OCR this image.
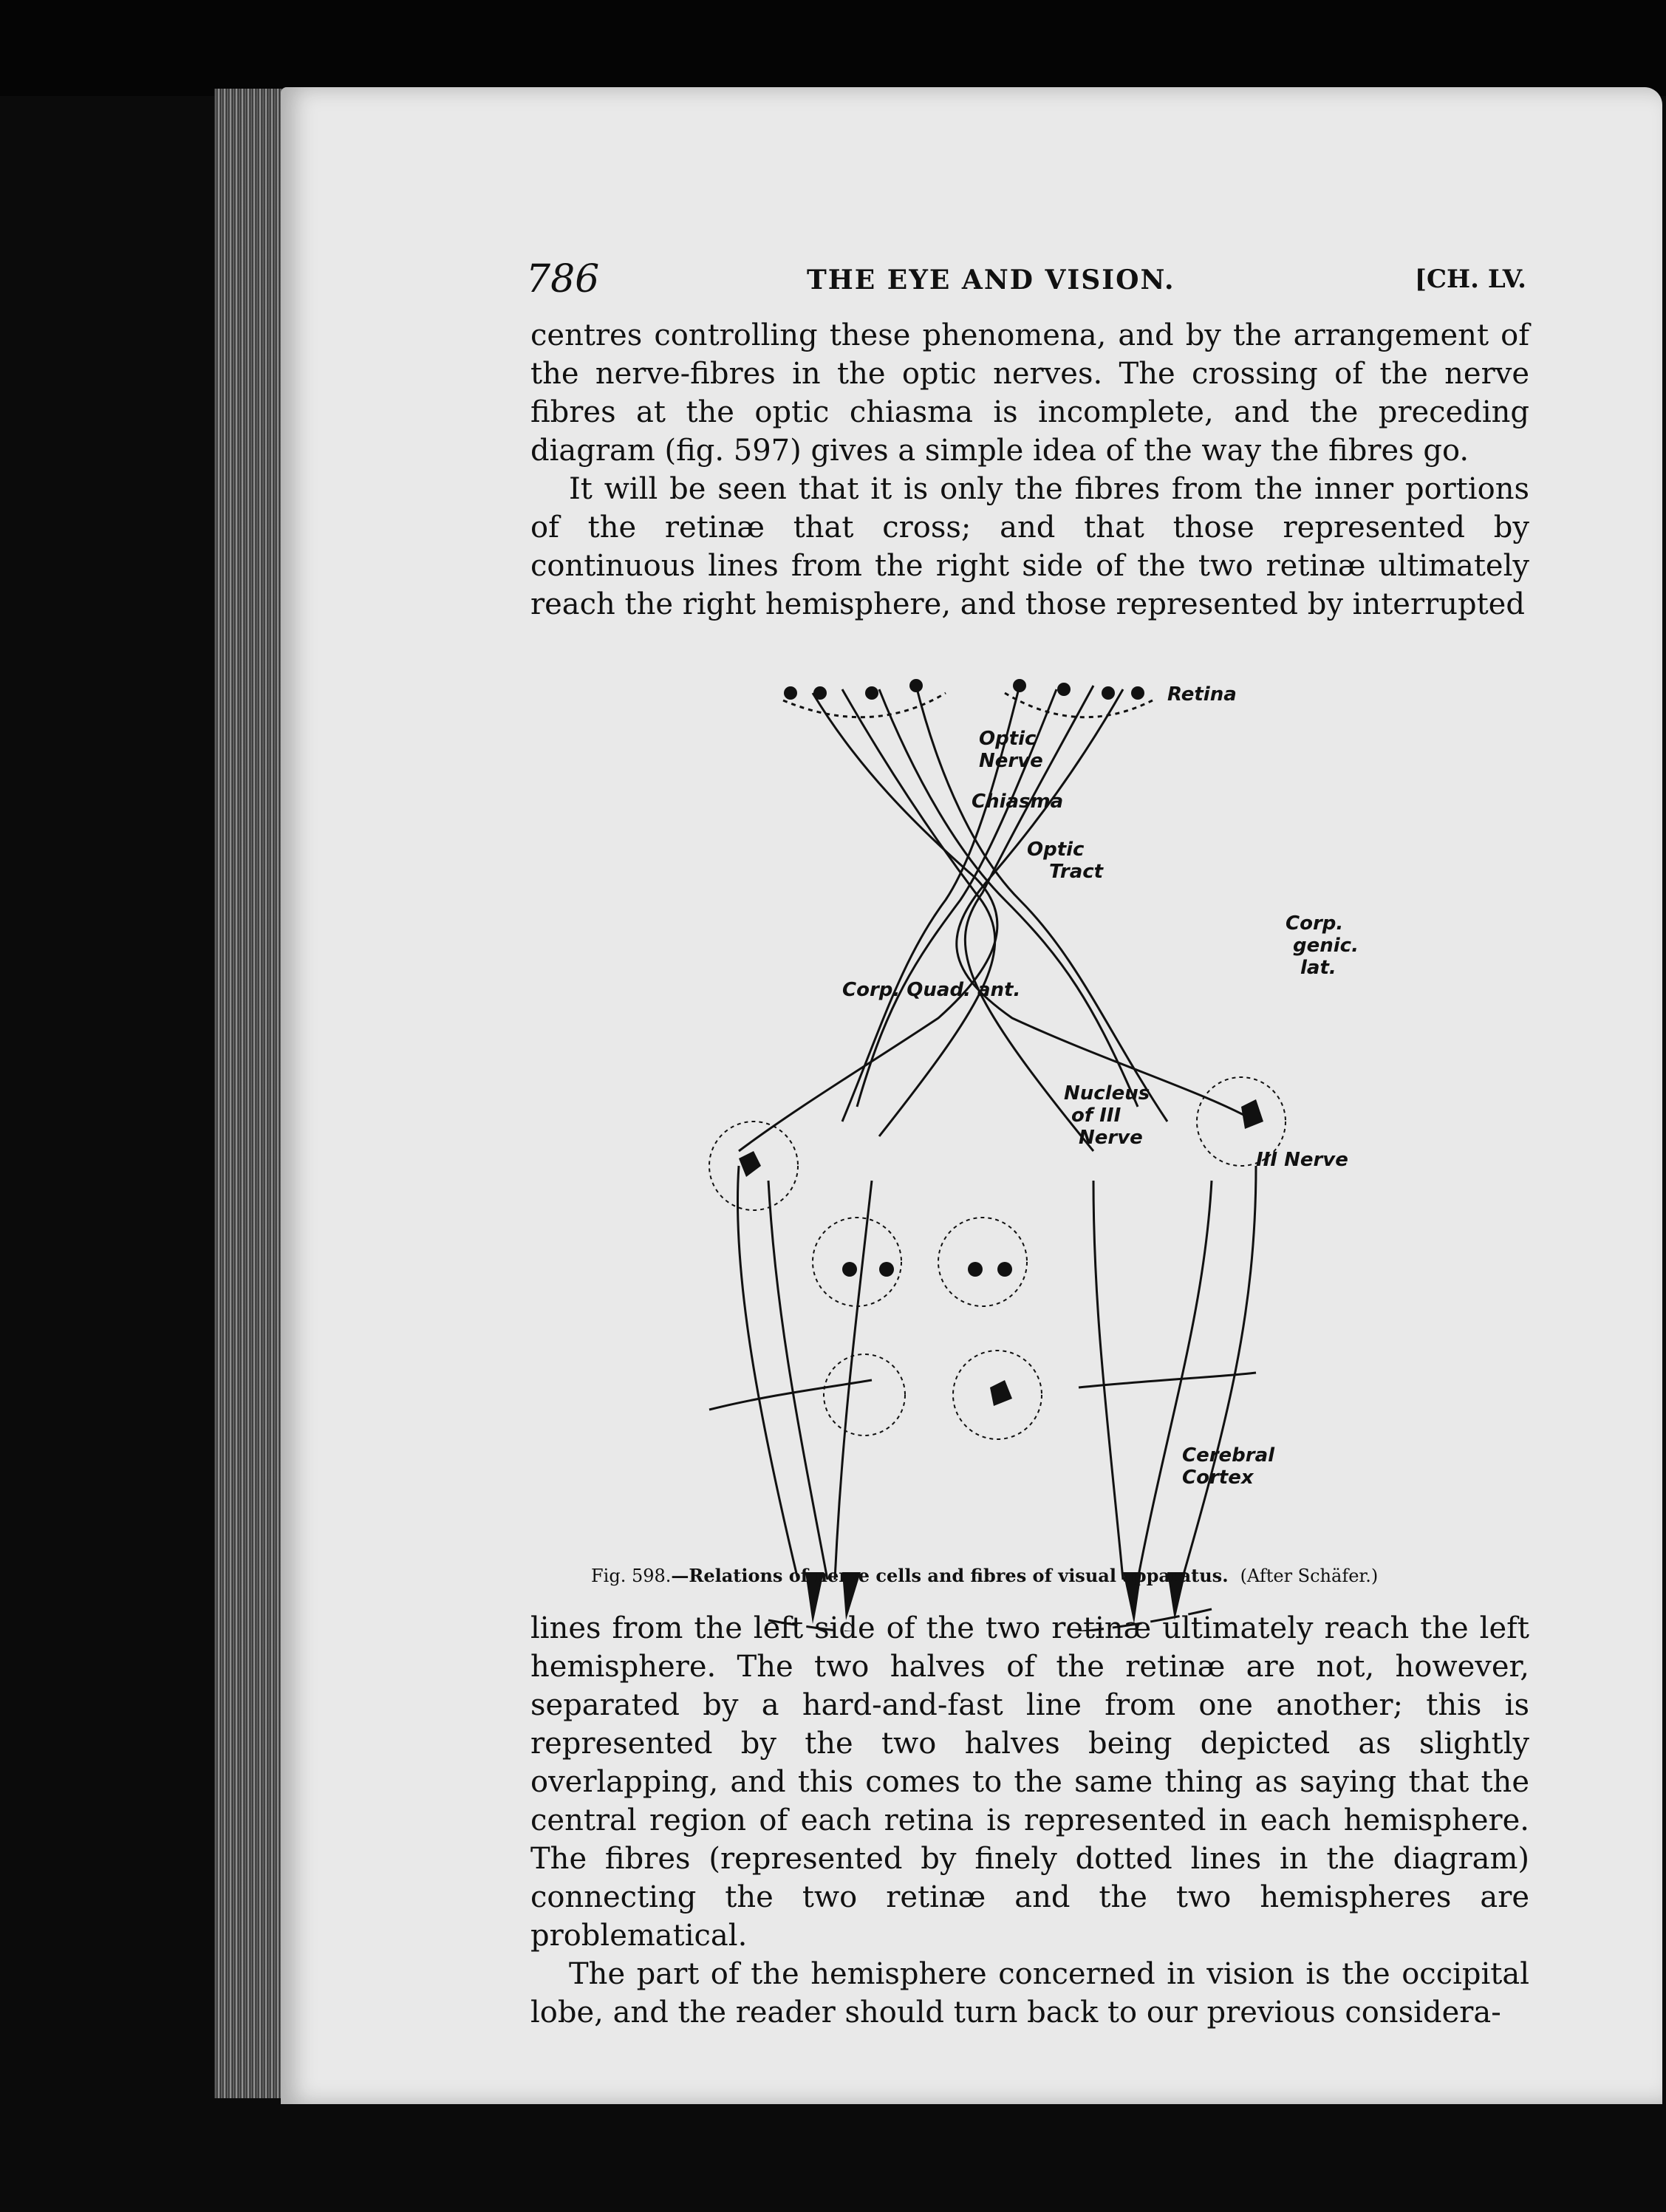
786	THE EYE AND VISION.	[CH. LV.

centres controlling these phenomena, and by the arrangement of the nerve-fibres in the optic nerves. The crossing of the nerve fibres at the optic chiasma is incomplete, and the preceding diagram (fig. 597) gives a simple idea of the way the fibres go.

It will be seen that it is only the fibres from the inner portions of the retinæ that cross; and that those represented by continuous lines from the right side of the two retinæ ultimately reach the right hemisphere, and those represented by interrupted

Retina
Optic
Nerve
Chiasma
Optic
Tract
Corp.
genic.
lat.
Corp. Quad. ant.
Nucleus
of III
Nerve
III Nerve
Cerebral
Cortex
Fig. 598.—Relations of nerve cells and fibres of visual apparatus. (After Schäfer.)

lines from the left side of the two retinæ ultimately reach the left hemisphere. The two halves of the retinæ are not, however, separated by a hard-and-fast line from one another; this is represented by the two halves being depicted as slightly overlapping, and this comes to the same thing as saying that the central region of each retina is represented in each hemisphere. The fibres (represented by finely dotted lines in the diagram) connecting the two retinæ and the two hemispheres are problematical.

The part of the hemisphere concerned in vision is the occipital lobe, and the reader should turn back to our previous considera-
